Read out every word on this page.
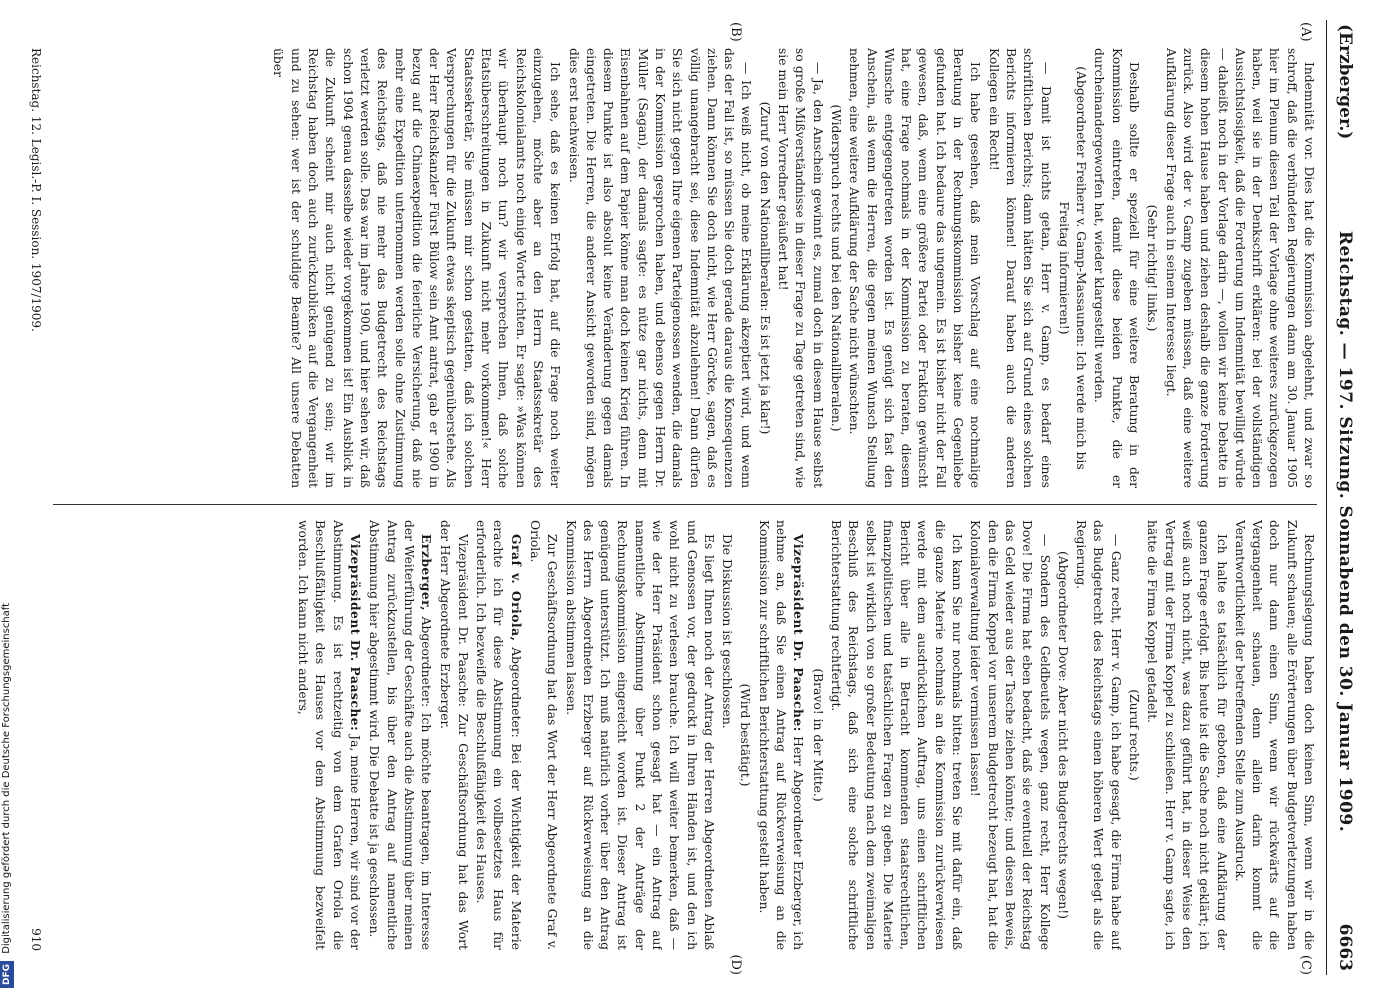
DFG Digitalisierung gefördert durch die Deutsche Forschungsgemeinschaft
(Erzberger.)
Reichstag. — 197. Sitzung. Sonnabend den 30. Januar 1909.
6663
(A)
(B)
(C)
(D)

Indemnität vor. Dies hat die Kommission abgelehnt, und zwar so schroff, daß die verbündeten Regierungen dann am 30. Januar 1905 hier im Plenum diesen Teil der Vorlage ohne weiteres zurückgezogen haben, weil sie in der Denkschrift erklären: bei der vollständigen Aussichtslosigkeit, daß die Forderung um Indemnität bewilligt würde — daheißt noch in der Vorlage darin —, wollen wir keine Debatte in diesem hohen Hause haben und ziehen deshalb die ganze Forderung zurück. Also wird der v. Gamp zugeben müssen, daß eine weitere Aufklärung dieser Frage auch in seinem Interesse liegt.

(Sehr richtig! links.)

Deshalb sollte er speziell für eine weitere Beratung in der Kommission eintreten, damit diese beiden Punkte, die er durcheinandergeworfen hat, wieder klargestellt werden.

(Abgeordneter Freiherr v. Gamp-Massaunen: Ich werde mich bis Freitag informieren!)

— Damit ist nichts getan, Herr v. Gamp, es bedarf eines schriftlichen Berichts; dann hätten Sie sich auf Grund eines solchen Berichts informieren können! Darauf haben auch die anderen Kollegen ein Recht!

Ich habe gesehen, daß mein Vorschlag auf eine nochmalige Beratung in der Rechnungskommission bisher keine Gegenliebe gefunden hat. Ich bedaure das ungemein. Es ist bisher nicht der Fall gewesen, daß, wenn eine größere Partei oder Fraktion gewünscht hat, eine Frage nochmals in der Kommission zu beraten, diesem Wunsche entgegengetreten worden ist. Es genügt sich fast den Anschein, als wenn die Herren, die gegen meinen Wunsch Stellung nehmen, eine weitere Aufklärung der Sache nicht wünschten.

(Widerspruch rechts und bei den Nationalliberalen.)

— Ja, den Anschein gewinnt es, zumal doch in diesem Hause selbst so große Mißverständnisse in dieser Frage zu Tage getreten sind, wie sie mein Herr Vorredner geäußert hat!

(Zuruf von den Nationalliberalen: Es ist jetzt ja klar!)

— Ich weiß nicht, ob meine Erklärung akzeptiert wird, und wenn das der Fall ist, so müssen Sie doch gerade daraus die Konsequenzen ziehen. Dann können Sie doch nicht, wie Herr Görcke, sagen, daß es völlig unangebracht sei, diese Indemnität abzulehnen! Dann dürfen Sie sich nicht gegen Ihre eigenen Parteigenossen wenden, die damals in der Kommission gesprochen haben, und ebenso gegen Herrn Dr. Müller (Sagan), der damals sagte: es nütze gar nichts, denn mit Eisenbahnen auf dem Papier könne man doch keinen Krieg führen. In diesem Punkte ist also absolut keine Veränderung gegen damals eingetreten. Die Herren, die anderer Ansicht geworden sind, mögen dies erst nachweisen.

Ich sehe, daß es keinen Erfolg hat, auf die Frage noch weiter einzugehen, möchte aber an den Herrn Staatssekretär des Reichskolonialamts noch einige Worte richten. Er sagte: »Was können wir überhaupt noch tun? wir versprechen Ihnen, daß solche Etatsüberschreitungen in Zukunft nicht mehr vorkommen!« Herr Staatssekretär, Sie müssen mir schon gestatten, daß ich solchen Versprechungen für die Zukunft etwas skeptisch gegenüberstehe. Als der Herr Reichskanzler Fürst Bülow sein Amt antrat, gab er 1900 in bezug auf die Chinaexpedition die feierliche Versicherung, daß nie mehr eine Expedition unternommen werden solle ohne Zustimmung des Reichstags, daß nie mehr das Budgetrecht des Reichstags verletzt werden solle. Das war im Jahre 1900, und hier sehen wir, daß schon 1904 genau dasselbe wieder vorgekommen ist! Ein Ausblick in die Zukunft scheint mir auch nicht genügend zu sein; wir im Reichstag haben doch auch zurückzublicken auf die Vergangenheit und zu sehen: wer ist der schuldige Beamte? All unsere Debatten über

Rechnungslegung haben doch keinen Sinn, wenn wir in die Zukunft schauen; alle Erörterungen über Budgetverletzungen haben doch nur dann einen Sinn, wenn wir rückwärts auf die Vergangenheit schauen, denn allein darin kommt die Verantwortlichkeit der betreffenden Stelle zum Ausdruck.

Ich halte es tatsächlich für geboten, daß eine Aufklärung der ganzen Frage erfolgt. Bis heute ist die Sache noch nicht geklärt; ich weiß auch noch nicht, was dazu geführt hat, in dieser Weise den Vertrag mit der Firma Koppel zu schließen. Herr v. Gamp sagte, ich hätte die Firma Koppel getadelt.

(Zuruf rechts.)

— Ganz recht, Herr v. Gamp, ich habe gesagt, die Firma habe auf das Budgetrecht des Reichstags einen höheren Wert gelegt als die Regierung.

(Abgeordneter Dove: Aber nicht des Budgetrechts wegen!)

— Sondern des Geldbeutels wegen, ganz recht, Herr Kollege Dove! Die Firma hat eben bedacht, daß sie eventuell der Reichstag das Geld wieder aus der Tasche ziehen könnte; und diesen Beweis, den die Firma Koppel vor unserem Budgetrecht bezeugt hat, hat die Kolonialverwaltung leider vermissen lassen!

Ich kann Sie nur nochmals bitten: treten Sie mit dafür ein, daß die ganze Materie nochmals an die Kommission zurückverwiesen werde mit dem ausdrücklichen Auftrag, uns einen schriftlichen Bericht über alle in Betracht kommenden staatsrechtlichen, finanzpolitischen und tatsächlichen Fragen zu geben. Die Materie selbst ist wirklich von so großer Bedeutung nach dem zweimaligen Beschluß des Reichstags, daß sich eine solche schriftliche Berichterstattung rechtfertigt.

(Bravo! in der Mitte.)

Vizepräsident Dr. Paasche: Herr Abgeordneter Erzberger, ich nehme an, daß Sie einen Antrag auf Rückverweisung an die Kommission zur schriftlichen Berichterstattung gestellt haben.

(Wird bestätigt.)

Die Diskussion ist geschlossen.

Es liegt Ihnen noch der Antrag der Herren Abgeordneten Ablaß und Genossen vor, der gedruckt in Ihren Händen ist, und den ich wohl nicht zu verlesen brauche. Ich will weiter bemerken, daß — wie der Herr Präsident schon gesagt hat — ein Antrag auf namentliche Abstimmung über Punkt 2 der Anträge der Rechnungskommission eingereicht worden ist. Dieser Antrag ist genügend unterstützt. Ich muß natürlich vorher über den Antrag des Herrn Abgeordneten Erzberger auf Rückverweisung an die Kommission abstimmen lassen.

Zur Geschäftsordnung hat das Wort der Herr Abgeordnete Graf v. Oriola.

Graf v. Oriola, Abgeordneter: Bei der Wichtigkeit der Materie erachte ich für diese Abstimmung ein vollbesetztes Haus für erforderlich. Ich bezweifle die Beschlußfähigkeit des Hauses.

Vizepräsident Dr. Paasche: Zur Geschäftsordnung hat das Wort der Herr Abgeordnete Erzberger.

Erzberger, Abgeordneter: Ich möchte beantragen, im Interesse der Weiterführung der Geschäfte auch die Abstimmung über meinen Antrag zurückzustellen, bis über den Antrag auf namentliche Abstimmung hier abgestimmt wird. Die Debatte ist ja geschlossen.

Vizepräsident Dr. Paasche: Ja, meine Herren, wir sind vor der Abstimmung. Es ist rechtzeitig von dem Grafen Oriola die Beschlußfähigkeit des Hauses vor dem Abstimmung bezweifelt worden. Ich kann nicht anders,

Reichstag. 12. Legisl.-P. I. Session. 1907/1909.
910
